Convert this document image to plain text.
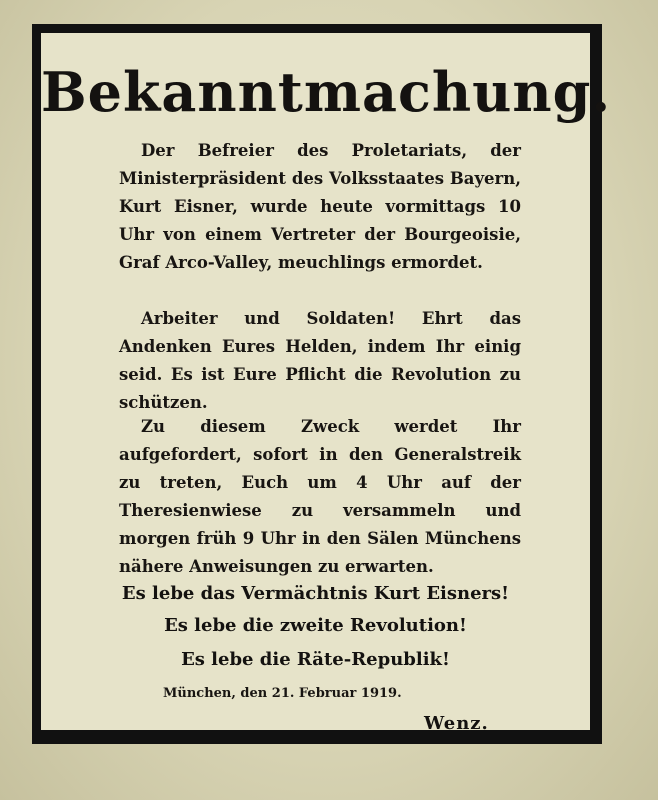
Bekanntmachung.
Der Befreier des Proletariats, der Ministerpräsident des Volksstaates Bayern, Kurt Eisner, wurde heute vormittags 10 Uhr von einem Vertreter der Bourgeoisie, Graf Arco-Valley, meuchlings ermordet.
Arbeiter und Soldaten! Ehrt das Andenken Eures Helden, indem Ihr einig seid. Es ist Eure Pflicht die Revolution zu schützen.
Zu diesem Zweck werdet Ihr aufgefordert, sofort in den Generalstreik zu treten, Euch um 4 Uhr auf der Theresienwiese zu versammeln und morgen früh 9 Uhr in den Sälen Münchens nähere Anweisungen zu erwarten.
Es lebe das Vermächtnis Kurt Eisners!
Es lebe die zweite Revolution!
Es lebe die Räte-Republik!
München, den 21. Februar 1919.
Wenz.
